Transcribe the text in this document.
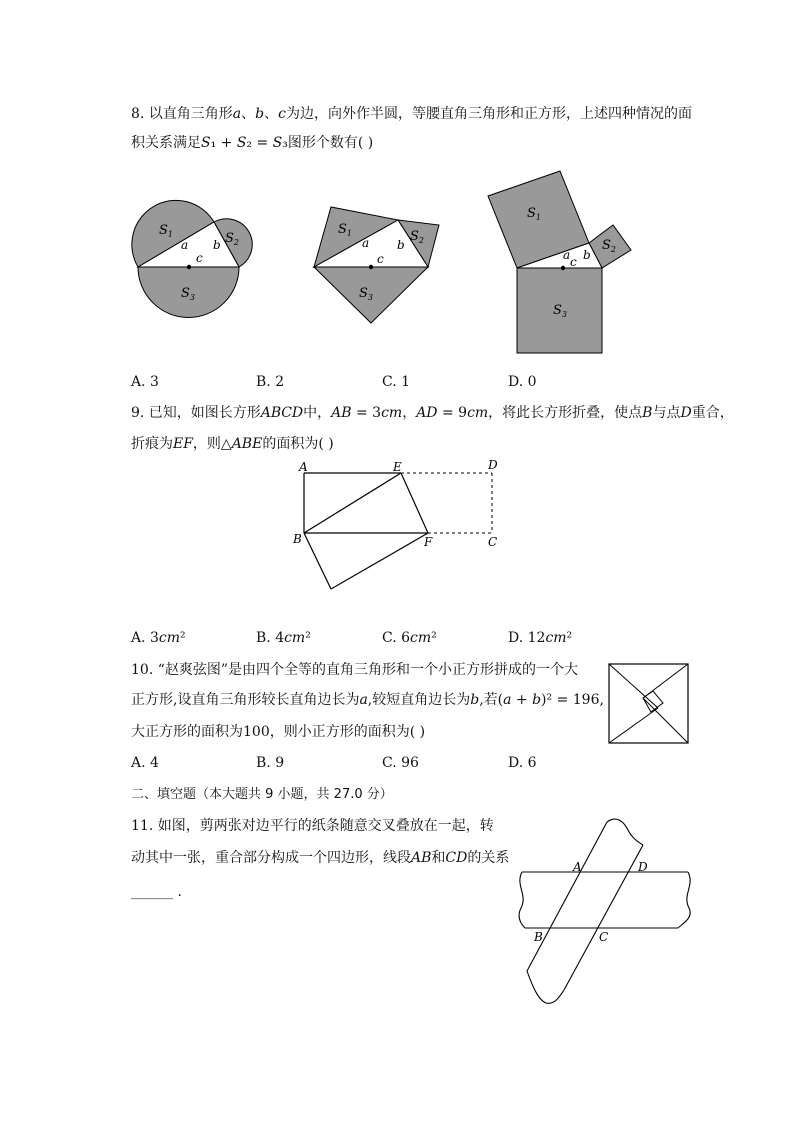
8. 以直角三角形𝑎、𝑏、𝑐为边，向外作半圆，等腰直角三角形和正方形，上述四种情况的面
积关系满足𝑆₁ + 𝑆₂ = 𝑆₃图形个数有( )
$S_1$	$S_2$
$S_3$
a b
c
$S_1$	$S_2$
$S_3$
a b
c
$S_1$
$S_2$
$S_3$
a b
c
A. 3	B. 2	C. 1	D. 0
9. 已知，如图长方形𝐴𝐵𝐶𝐷中，𝐴𝐵 = 3𝑐𝑚，𝐴𝐷 = 9𝑐𝑚，将此长方形折叠，使点𝐵与点𝐷重合，
折痕为𝐸𝐹，则△𝐴𝐵𝐸的面积为( )
A	E	D
B	F	C
A. 3𝑐𝑚²	B. 4𝑐𝑚²	C. 6𝑐𝑚²	D. 12𝑐𝑚²
10. “赵爽弦图”是由四个全等的直角三角形和一个小正方形拼成的一个大
正方形,设直角三角形较长直角边长为𝑎,较短直角边长为𝑏,若(𝑎 + 𝑏)² = 196,
大正方形的面积为100，则小正方形的面积为( )
A. 4	B. 9	C. 96	D. 6
二、填空题（本大题共 9 小题，共 27.0 分）
11. 如图，剪两张对边平行的纸条随意交叉叠放在一起，转
动其中一张，重合部分构成一个四边形，线段𝐴𝐵和𝐶𝐷的关系
______ .
A	D
B	C
